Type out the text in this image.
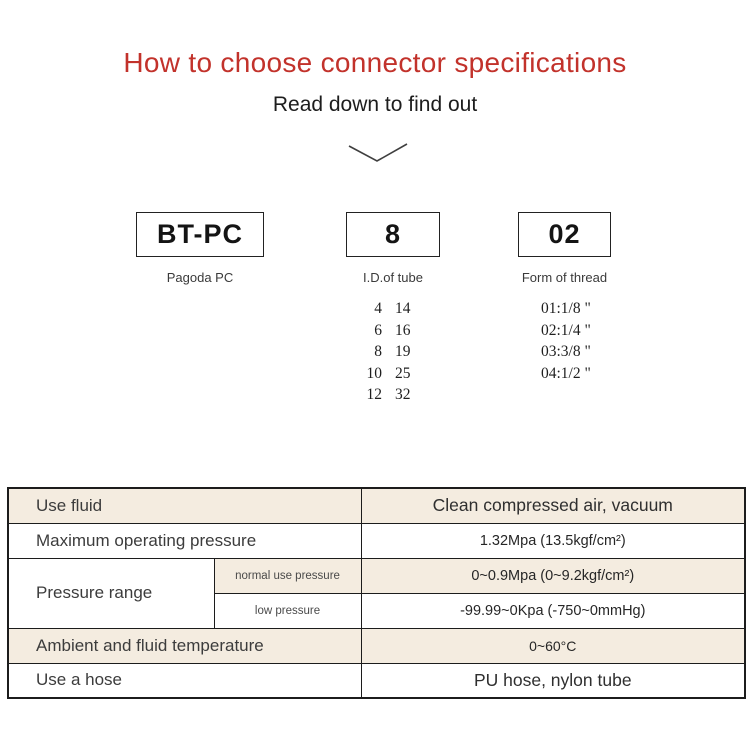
How to choose connector specifications
Read down to find out
BT-PC
Pagoda PC
8
I.D.of tube
02
Form of thread
4 14
6 16
8 19
10 25
12 32
01:1/8 "
02:1/4 "
03:3/8 "
04:1/2 "
Use fluid		Clean compressed air, vacuum
Maximum operating pressure		1.32Mpa (13.5kgf/cm²)
Pressure range	normal use pressure	0~0.9Mpa (0~9.2kgf/cm²)
	low pressure	-99.99~0Kpa (-750~0mmHg)
Ambient and fluid temperature		0~60°C
Use a hose		PU hose, nylon tube
